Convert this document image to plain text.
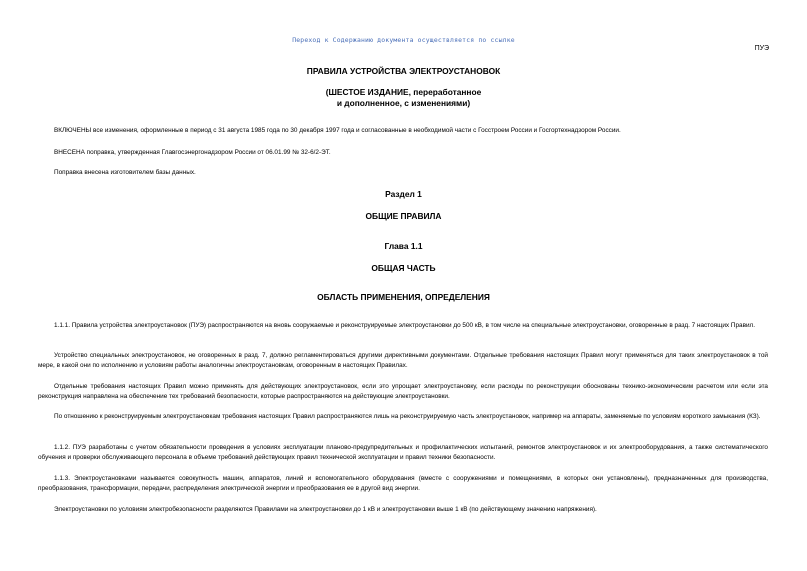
Переход к Содержанию документа осуществляется по ссылке
ПУЭ
ПРАВИЛА УСТРОЙСТВА ЭЛЕКТРОУСТАНОВОК
(ШЕСТОЕ ИЗДАНИЕ, переработанное
и дополненное, с изменениями)
ВКЛЮЧЕНЫ все изменения, оформленные в период с 31 августа 1985 года по 30 декабря 1997 года и согласованные в необходимой части с Госстроем России и Госгортехнадзором России.
ВНЕСЕНА поправка, утвержденная Главгосэнергонадзором России от 06.01.99 № 32-6/2-ЭТ.
Поправка внесена изготовителем базы данных.
Раздел 1
ОБЩИЕ ПРАВИЛА
Глава 1.1
ОБЩАЯ ЧАСТЬ
ОБЛАСТЬ ПРИМЕНЕНИЯ, ОПРЕДЕЛЕНИЯ
1.1.1. Правила устройства электроустановок (ПУЭ) распространяются на вновь сооружаемые и реконструируемые электроустановки до 500 кВ, в том числе на специальные электроустановки, оговоренные в разд. 7 настоящих Правил.
Устройство специальных электроустановок, не оговоренных в разд. 7, должно регламентироваться другими директивными документами. Отдельные требования настоящих Правил могут применяться для таких электроустановок в той мере, в какой они по исполнению и условиям работы аналогичны электроустановкам, оговоренным в настоящих Правилах.
Отдельные требования настоящих Правил можно применять для действующих электроустановок, если это упрощает электроустановку, если расходы по реконструкции обоснованы технико-экономическим расчетом или если эта реконструкция направлена на обеспечение тех требований безопасности, которые распространяются на действующие электроустановки.
По отношению к реконструируемым электроустановкам требования настоящих Правил распространяются лишь на реконструируемую часть электроустановок, например на аппараты, заменяемые по условиям короткого замыкания (КЗ).
1.1.2. ПУЭ разработаны с учетом обязательности проведения в условиях эксплуатации планово-предупредительных и профилактических испытаний, ремонтов электроустановок и их электрооборудования, а также систематического обучения и проверки обслуживающего персонала в объеме требований действующих правил технической эксплуатации и правил техники безопасности.
1.1.3. Электроустановками называется совокупность машин, аппаратов, линий и вспомогательного оборудования (вместе с сооружениями и помещениями, в которых они установлены), предназначенных для производства, преобразования, трансформации, передачи, распределения электрической энергии и преобразования ее в другой вид энергии.
Электроустановки по условиям электробезопасности разделяются Правилами на электроустановки до 1 кВ и электроустановки выше 1 кВ (по действующему значению напряжения).
